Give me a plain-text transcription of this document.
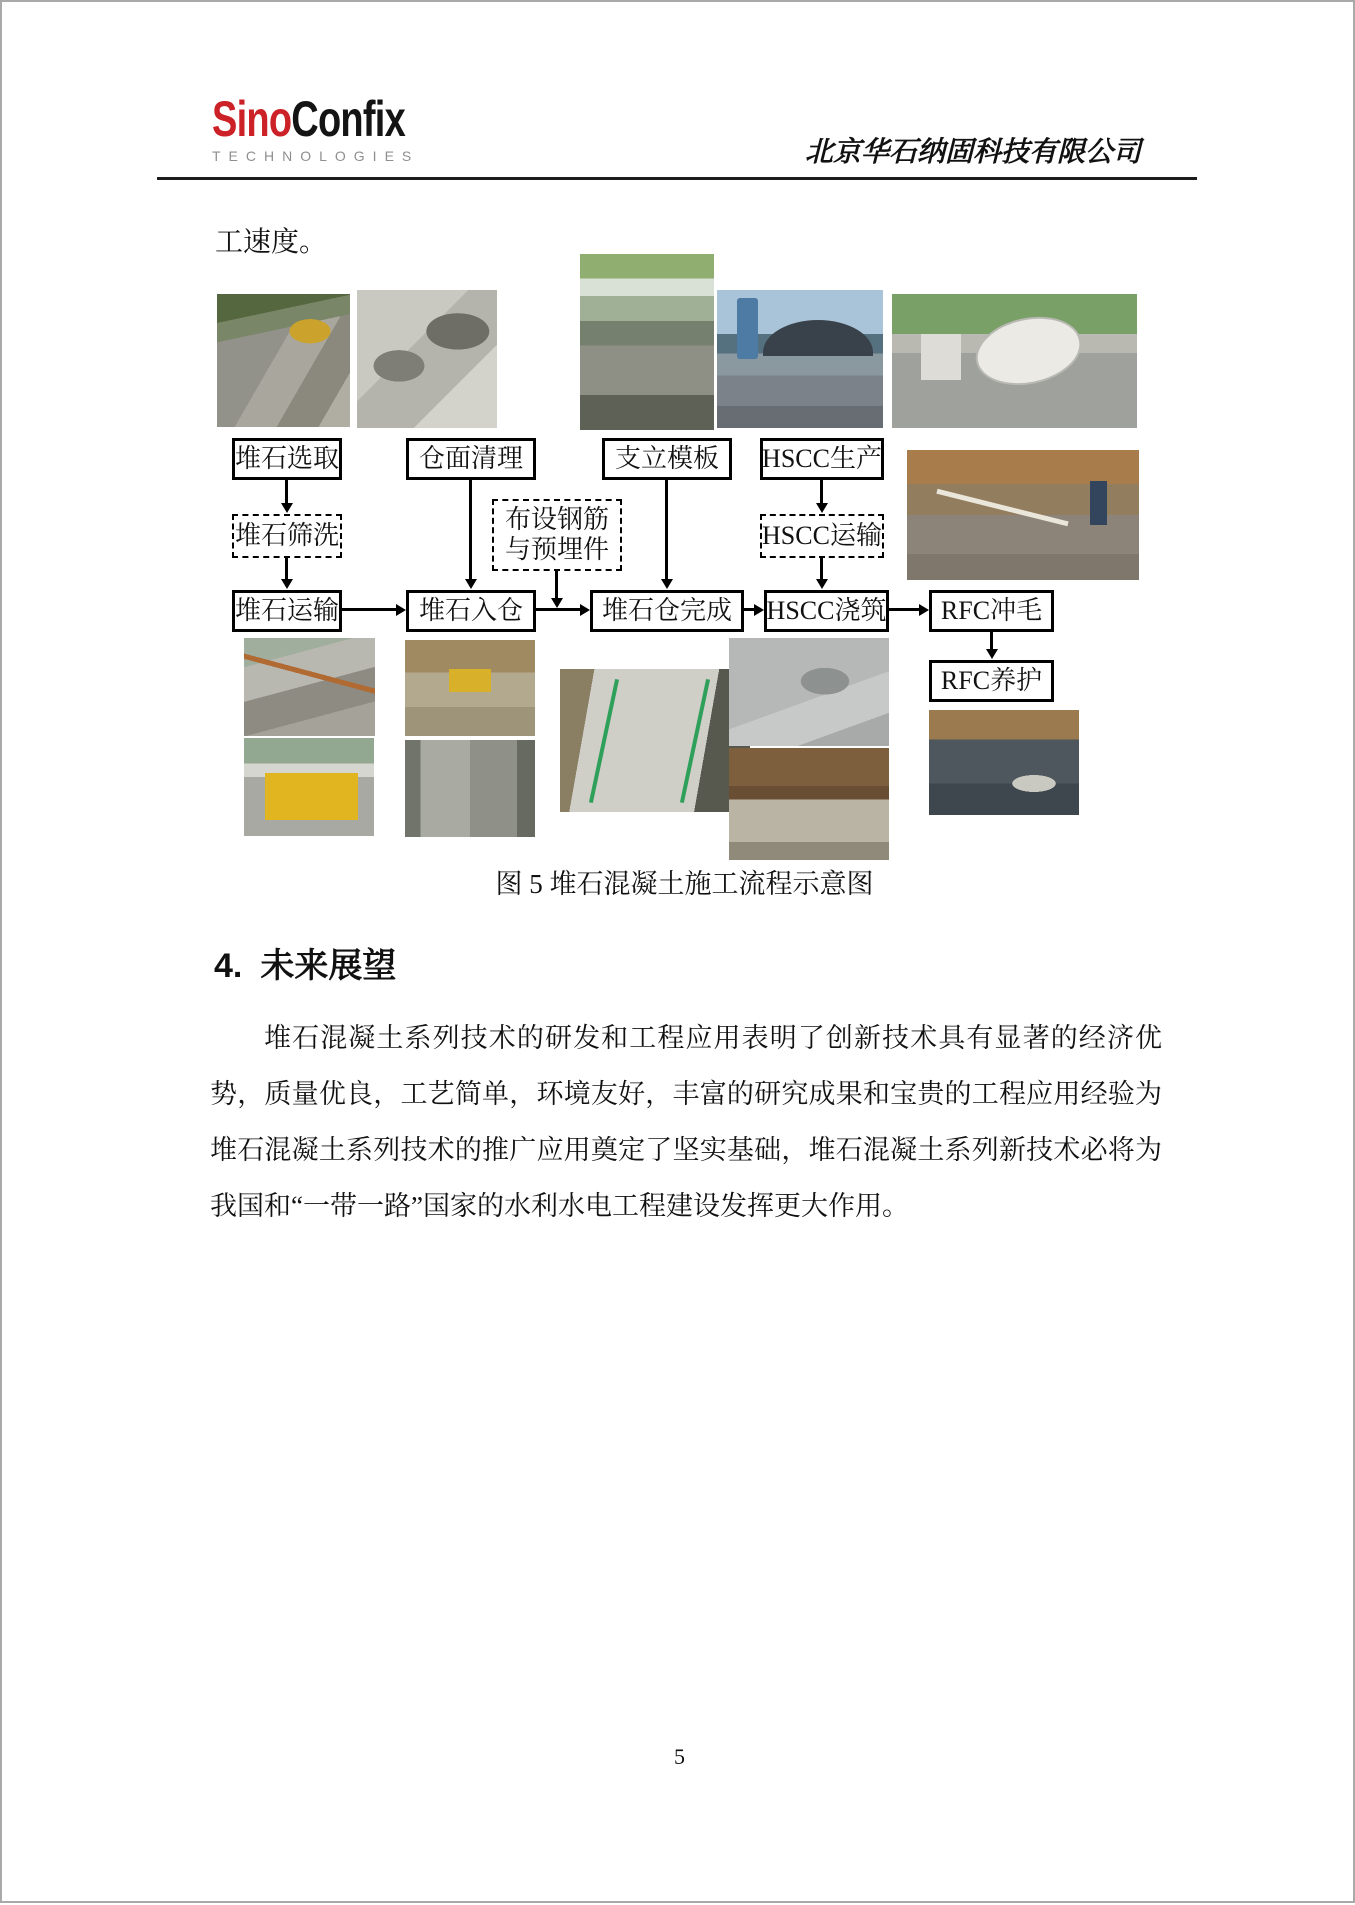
SinoConfix
TECHNOLOGIES	北京华石纳固科技有限公司
工速度。
堆石选取	仓面清理	支立模板	HSCC生产
堆石筛洗
布设钢筋
与预埋件	HSCC运输
堆石运输	堆石入仓	堆石仓完成	HSCC浇筑	RFC冲毛
RFC养护
图 5 堆石混凝土施工流程示意图
4. 未来展望
堆石混凝土系列技术的研发和工程应用表明了创新技术具有显著的经济优
势，质量优良，工艺简单，环境友好，丰富的研究成果和宝贵的工程应用经验为
堆石混凝土系列技术的推广应用奠定了坚实基础，堆石混凝土系列新技术必将为
我国和“一带一路”国家的水利水电工程建设发挥更大作用。
5
